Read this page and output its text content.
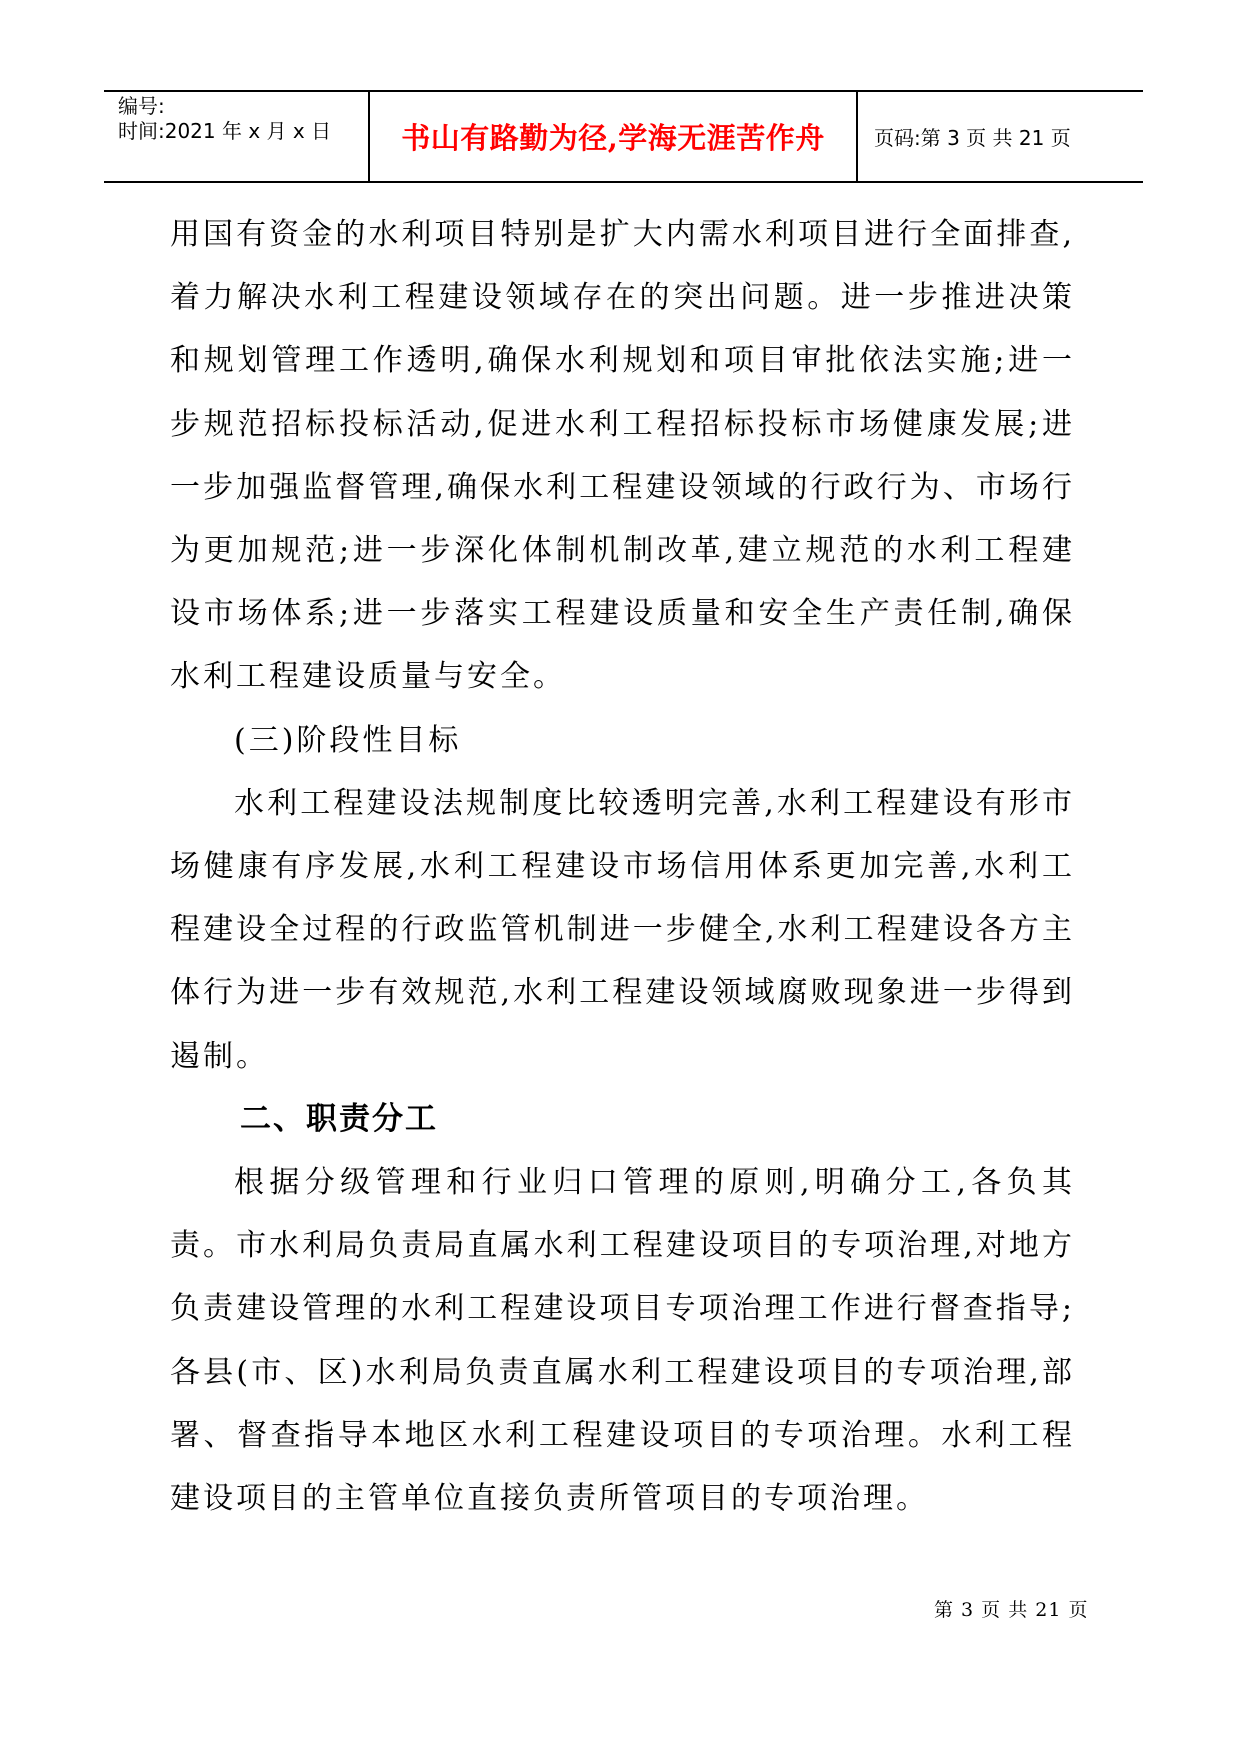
编号:
时间:2021 年 x 月 x 日	书山有路勤为径,学海无涯苦作舟	页码:第 3 页 共 21 页

用国有资金的水利项目特别是扩大内需水利项目进行全面排查,着力解决水利工程建设领域存在的突出问题。进一步推进决策和规划管理工作透明,确保水利规划和项目审批依法实施;进一步规范招标投标活动,促进水利工程招标投标市场健康发展;进一步加强监督管理,确保水利工程建设领域的行政行为、市场行为更加规范;进一步深化体制机制改革,建立规范的水利工程建设市场体系;进一步落实工程建设质量和安全生产责任制,确保水利工程建设质量与安全。

(三)阶段性目标

水利工程建设法规制度比较透明完善,水利工程建设有形市场健康有序发展,水利工程建设市场信用体系更加完善,水利工程建设全过程的行政监管机制进一步健全,水利工程建设各方主体行为进一步有效规范,水利工程建设领域腐败现象进一步得到遏制。

二、职责分工

根据分级管理和行业归口管理的原则,明确分工,各负其责。市水利局负责局直属水利工程建设项目的专项治理,对地方负责建设管理的水利工程建设项目专项治理工作进行督查指导;各县(市、区)水利局负责直属水利工程建设项目的专项治理,部署、督查指导本地区水利工程建设项目的专项治理。水利工程建设项目的主管单位直接负责所管项目的专项治理。

第 3 页 共 21 页
